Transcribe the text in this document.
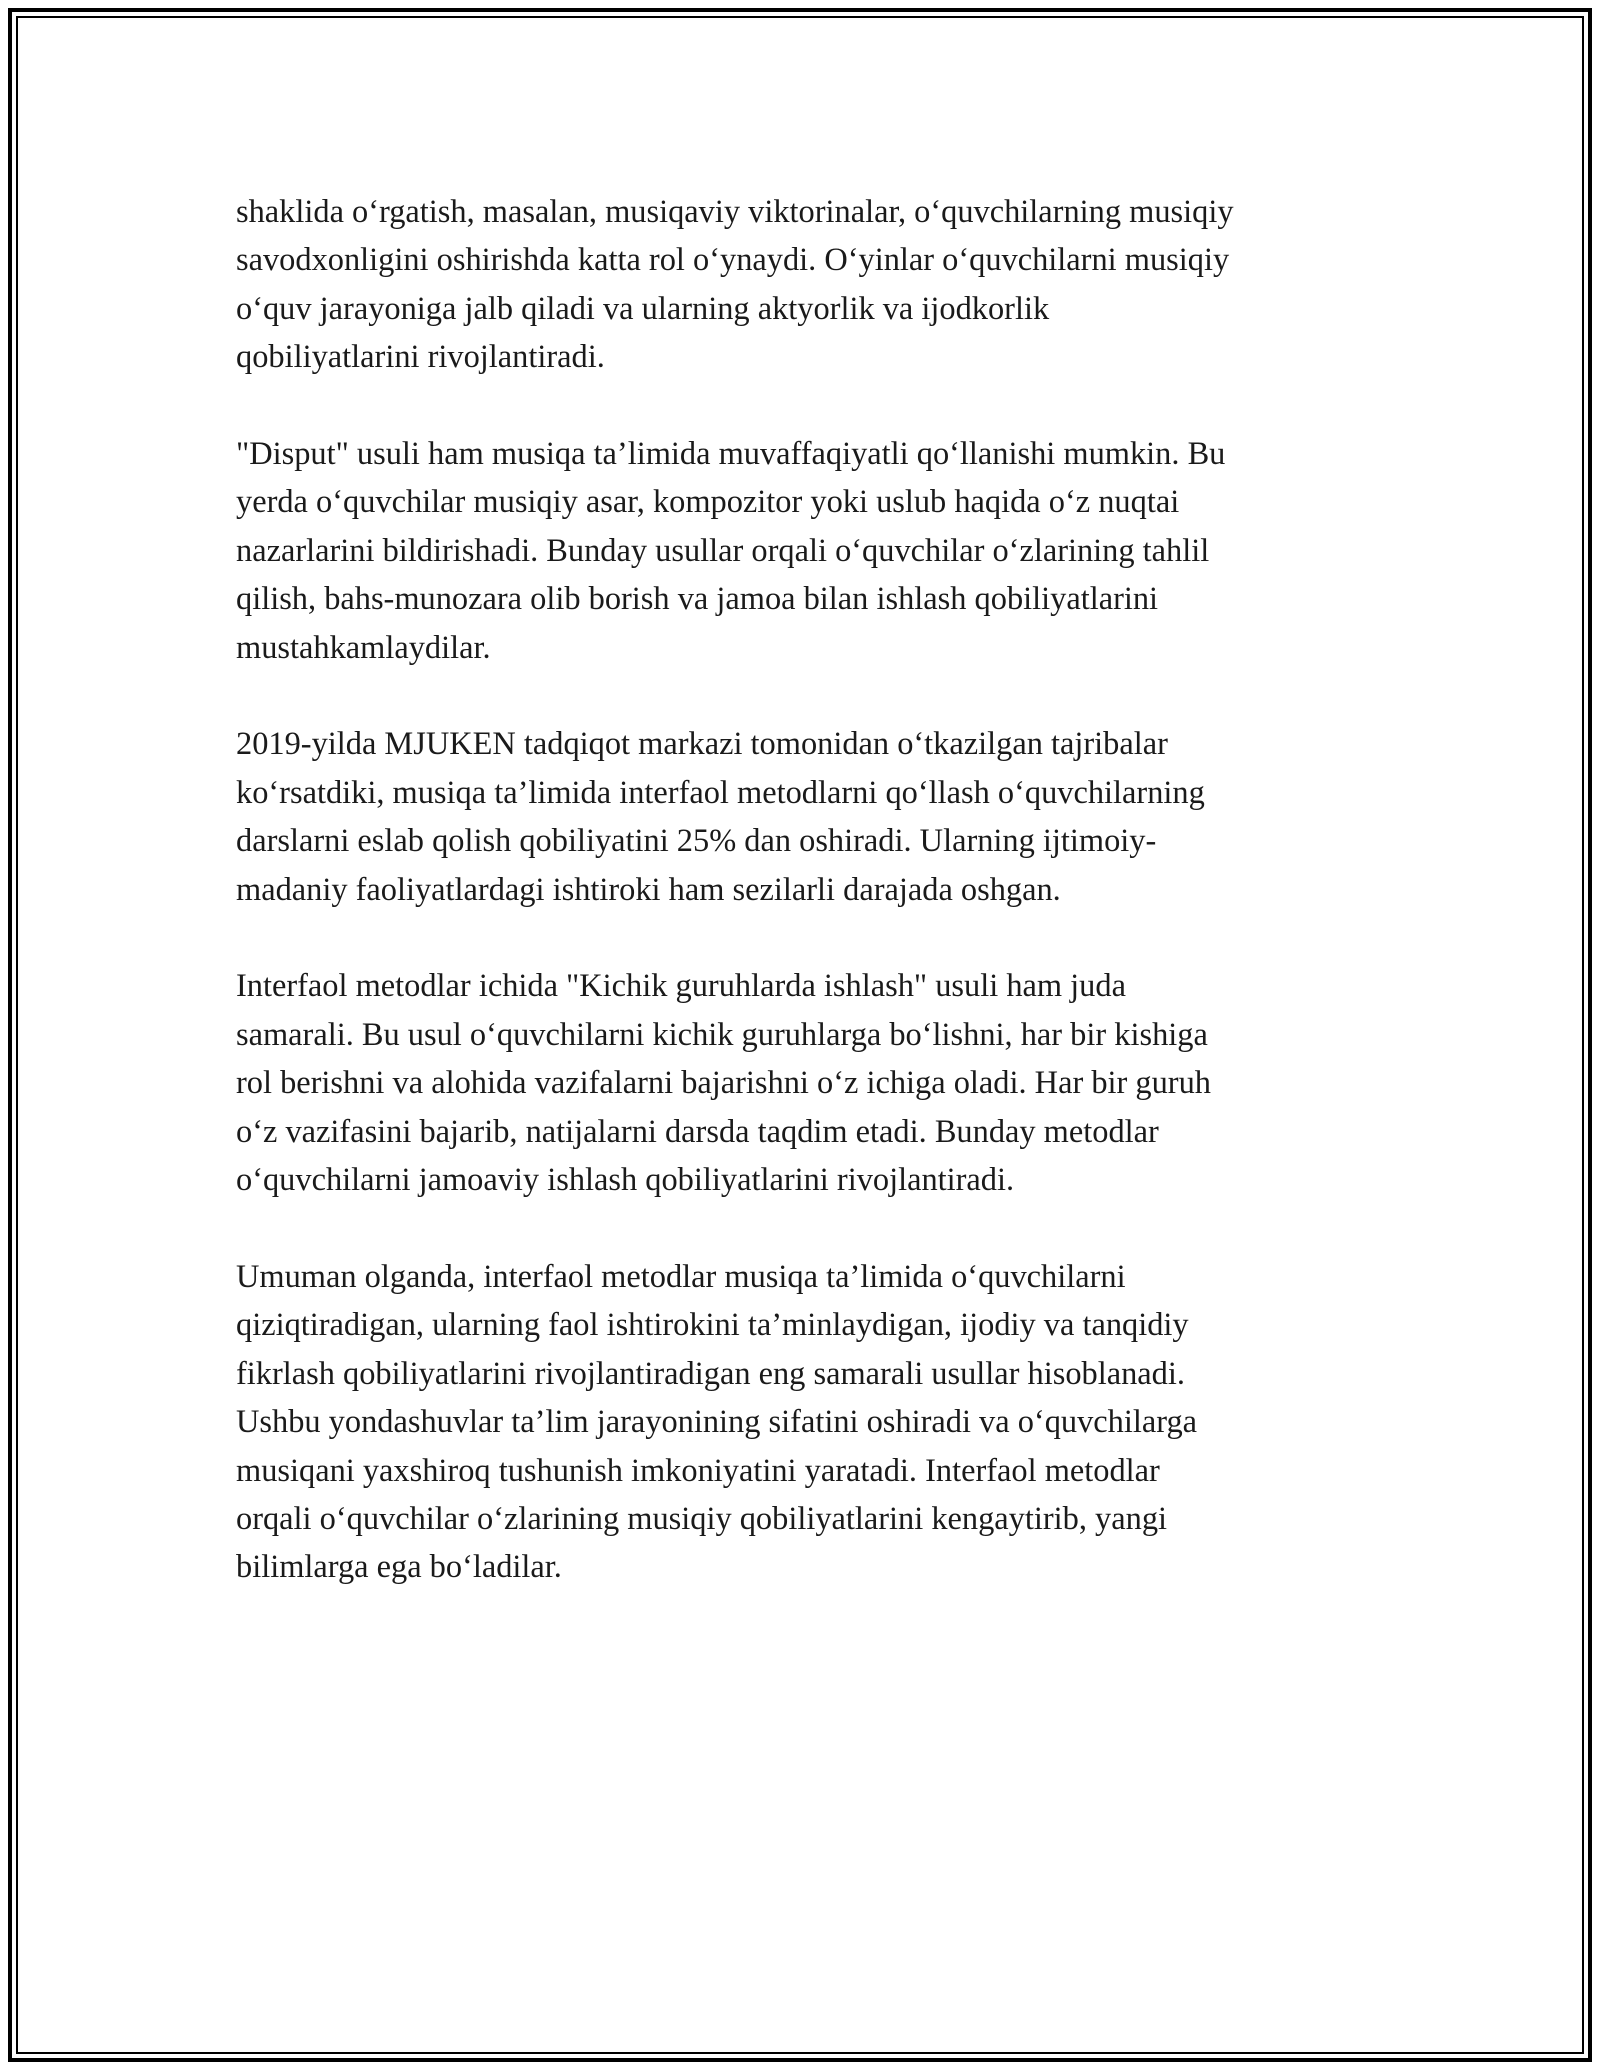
shaklida o‘rgatish, masalan, musiqaviy viktorinalar, o‘quvchilarning musiqiy
savodxonligini oshirishda katta rol o‘ynaydi. O‘yinlar o‘quvchilarni musiqiy
o‘quv jarayoniga jalb qiladi va ularning aktyorlik va ijodkorlik
qobiliyatlarini rivojlantiradi.

"Disput" usuli ham musiqa ta’limida muvaffaqiyatli qo‘llanishi mumkin. Bu
yerda o‘quvchilar musiqiy asar, kompozitor yoki uslub haqida o‘z nuqtai
nazarlarini bildirishadi. Bunday usullar orqali o‘quvchilar o‘zlarining tahlil
qilish, bahs-munozara olib borish va jamoa bilan ishlash qobiliyatlarini
mustahkamlaydilar.

2019-yilda MJUKEN tadqiqot markazi tomonidan o‘tkazilgan tajribalar
ko‘rsatdiki, musiqa ta’limida interfaol metodlarni qo‘llash o‘quvchilarning
darslarni eslab qolish qobiliyatini 25% dan oshiradi. Ularning ijtimoiy-
madaniy faoliyatlardagi ishtiroki ham sezilarli darajada oshgan.

Interfaol metodlar ichida "Kichik guruhlarda ishlash" usuli ham juda
samarali. Bu usul o‘quvchilarni kichik guruhlarga bo‘lishni, har bir kishiga
rol berishni va alohida vazifalarni bajarishni o‘z ichiga oladi. Har bir guruh
o‘z vazifasini bajarib, natijalarni darsda taqdim etadi. Bunday metodlar
o‘quvchilarni jamoaviy ishlash qobiliyatlarini rivojlantiradi.

Umuman olganda, interfaol metodlar musiqa ta’limida o‘quvchilarni
qiziqtiradigan, ularning faol ishtirokini ta’minlaydigan, ijodiy va tanqidiy
fikrlash qobiliyatlarini rivojlantiradigan eng samarali usullar hisoblanadi.
Ushbu yondashuvlar ta’lim jarayonining sifatini oshiradi va o‘quvchilarga
musiqani yaxshiroq tushunish imkoniyatini yaratadi. Interfaol metodlar
orqali o‘quvchilar o‘zlarining musiqiy qobiliyatlarini kengaytirib, yangi
bilimlarga ega bo‘ladilar.
